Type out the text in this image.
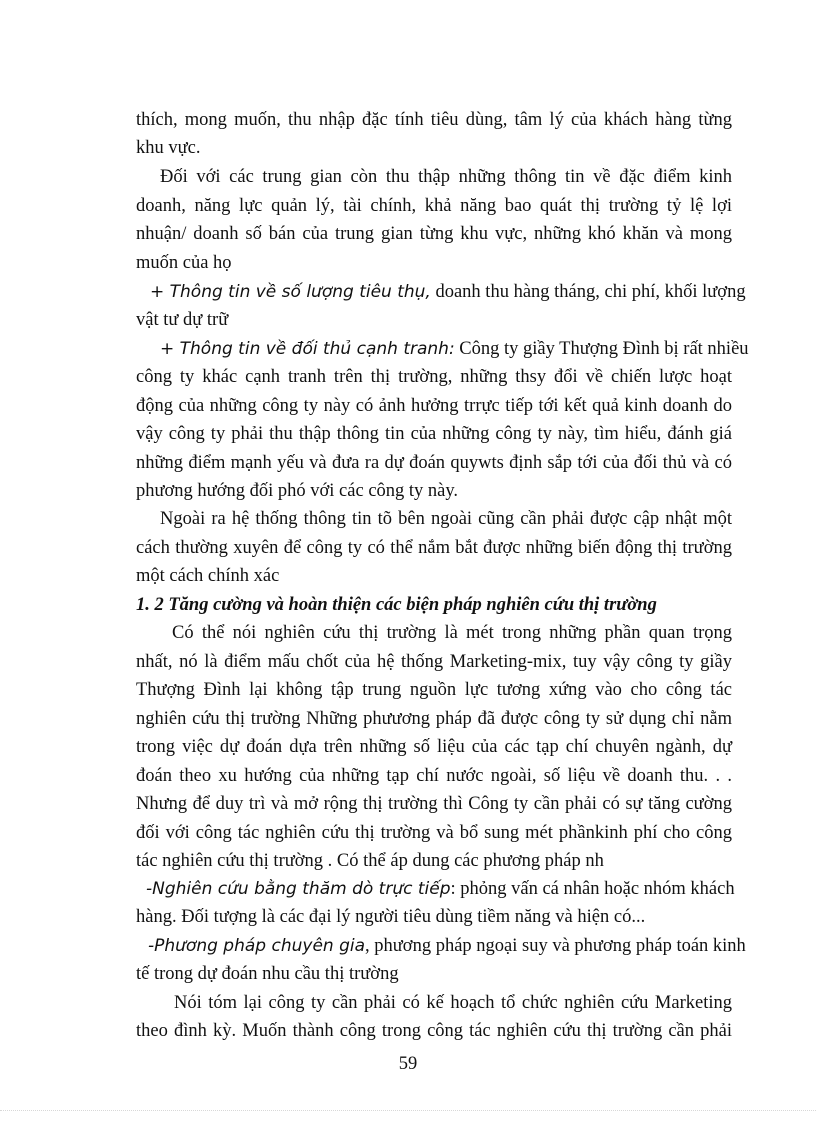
thích, mong muốn, thu nhập đặc tính tiêu dùng, tâm lý của khách hàng từng
khu vực.
Đối với các trung gian còn thu thập những thông tin về đặc điểm kinh
doanh, năng lực quản lý, tài chính, khả năng bao quát thị trường tỷ lệ lợi
nhuận/ doanh số bán của trung gian từng khu vực, những khó khăn và mong
muốn của họ
+ Thông tin về số lượng tiêu thụ, doanh thu hàng tháng, chi phí, khối lượng
vật tư dự trữ
+ Thông tin về đối thủ cạnh tranh: Công ty giầy Thượng Đình bị rất nhiều
công ty khác cạnh tranh trên thị trường, những thsy đổi về chiến lược hoạt
động của những công ty này có ảnh hưởng trrực tiếp tới kết quả kinh doanh do
vậy công ty phải thu thập thông tin của những công ty này, tìm hiểu, đánh giá
những điểm mạnh yếu và đưa ra dự đoán quywts định sắp tới của đối thủ và có
phương hướng đối phó với các công ty này.
Ngoài ra hệ thống thông tin tõ bên ngoài cũng cần phải được cập nhật một
cách thường xuyên để công ty có thể nắm bắt được những biến động thị trường
một cách chính xác
1. 2 Tăng cường và hoàn thiện các biện pháp nghiên cứu thị trường
Có thể nói nghiên cứu thị trường là mét trong những phần quan trọng
nhất, nó là điểm mấu chốt của hệ thống Marketing-mix, tuy vậy công ty giầy
Thượng Đình lại không tập trung nguồn lực tương xứng vào cho công tác
nghiên cứu thị trường Những phưương pháp đã được công ty sử dụng chỉ nằm
trong việc dự đoán dựa trên những số liệu của các tạp chí chuyên ngành, dự
đoán theo xu hướng của những tạp chí nước ngoài, số liệu về doanh thu. . .
Nhưng để duy trì và mở rộng thị trường thì Công ty cần phải có sự tăng cường
đối với công tác nghiên cứu thị trường và bổ sung mét phầnkinh phí cho công
tác nghiên cứu thị trường . Có thể áp dung các phương pháp nh
-Nghiên cứu bằng thăm dò trực tiếp: phỏng vấn cá nhân hoặc nhóm khách
hàng. Đối tượng là các đại lý người tiêu dùng tiềm năng và hiện có...
-Phương pháp chuyên gia, phương pháp ngoại suy và phương pháp toán kinh
tế trong dự đoán nhu cầu thị trường
Nói tóm lại công ty cần phải có kế hoạch tổ chức nghiên cứu Marketing
theo đình kỳ. Muốn thành công trong công tác nghiên cứu thị trường cần phải
59
